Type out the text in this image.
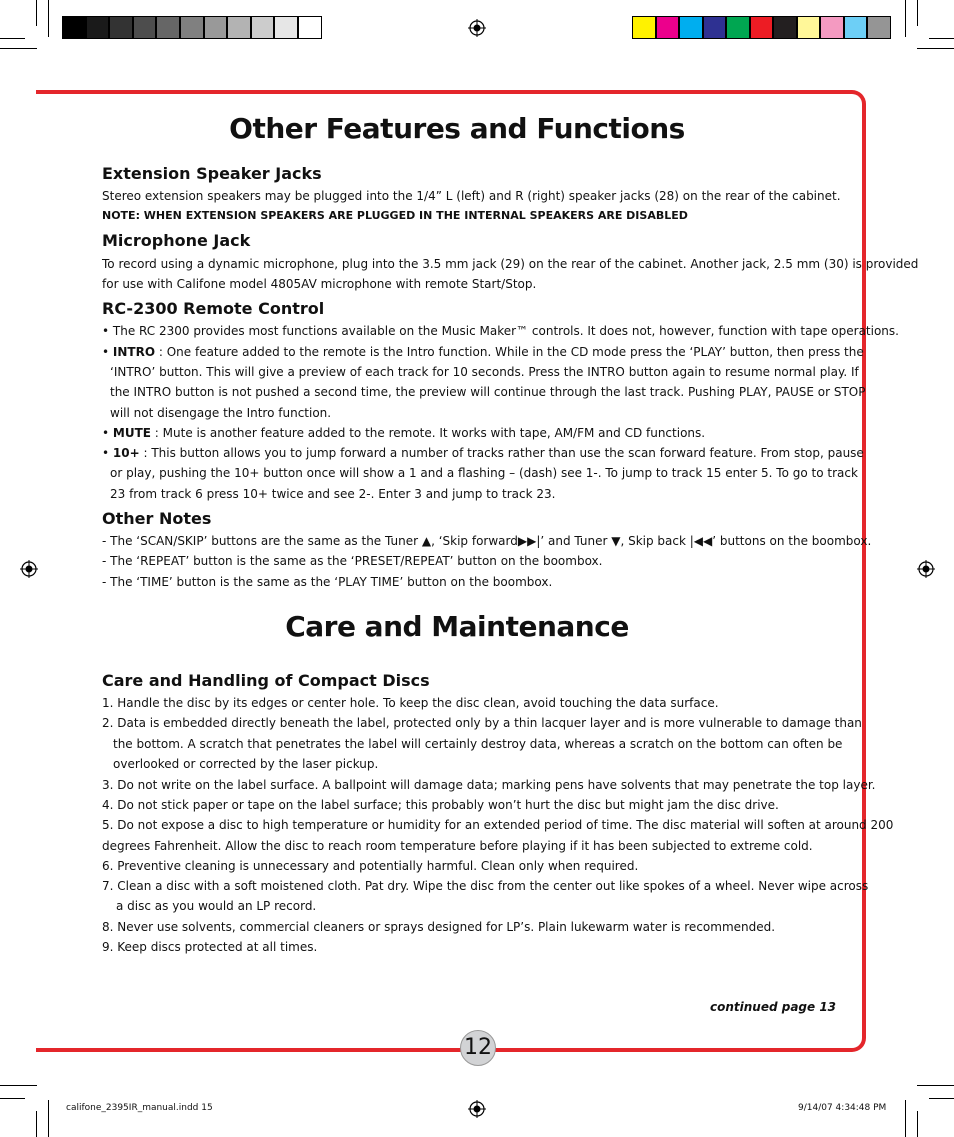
Other Features and Functions
Extension Speaker Jacks
Stereo extension speakers may be plugged into the 1/4” L (left) and R (right) speaker jacks (28) on the rear of the cabinet.
NOTE: WHEN EXTENSION SPEAKERS ARE PLUGGED IN THE INTERNAL SPEAKERS ARE DISABLED
Microphone Jack
To record using a dynamic microphone, plug into the 3.5 mm jack (29) on the rear of the cabinet. Another jack, 2.5 mm (30) is provided
for use with Califone model 4805AV microphone with remote Start/Stop.
RC-2300 Remote Control
• The RC 2300 provides most functions available on the Music Maker™ controls. It does not, however, function with tape operations.
• INTRO : One feature added to the remote is the Intro function. While in the CD mode press the ‘PLAY’ button, then press the
‘INTRO’ button. This will give a preview of each track for 10 seconds. Press the INTRO button again to resume normal play. If
the INTRO button is not pushed a second time, the preview will continue through the last track. Pushing PLAY, PAUSE or STOP
will not disengage the Intro function.
• MUTE : Mute is another feature added to the remote. It works with tape, AM/FM and CD functions.
• 10+ : This button allows you to jump forward a number of tracks rather than use the scan forward feature. From stop, pause
or play, pushing the 10+ button once will show a 1 and a flashing – (dash) see 1-. To jump to track 15 enter 5. To go to track
23 from track 6 press 10+ twice and see 2-. Enter 3 and jump to track 23.
Other Notes
- The ‘SCAN/SKIP’ buttons are the same as the Tuner ▲, ‘Skip forward▶▶|’ and Tuner ▼, Skip back |◀◀’ buttons on the boombox.
- The ‘REPEAT’ button is the same as the ‘PRESET/REPEAT’ button on the boombox.
- The ‘TIME’ button is the same as the ‘PLAY TIME’ button on the boombox.
Care and Maintenance
Care and Handling of Compact Discs
1. Handle the disc by its edges or center hole. To keep the disc clean, avoid touching the data surface.
2. Data is embedded directly beneath the label, protected only by a thin lacquer layer and is more vulnerable to damage than
the bottom. A scratch that penetrates the label will certainly destroy data, whereas a scratch on the bottom can often be
overlooked or corrected by the laser pickup.
3. Do not write on the label surface. A ballpoint will damage data; marking pens have solvents that may penetrate the top layer.
4. Do not stick paper or tape on the label surface; this probably won’t hurt the disc but might jam the disc drive.
5. Do not expose a disc to high temperature or humidity for an extended period of time. The disc material will soften at around 200
degrees Fahrenheit. Allow the disc to reach room temperature before playing if it has been subjected to extreme cold.
6. Preventive cleaning is unnecessary and potentially harmful. Clean only when required.
7. Clean a disc with a soft moistened cloth. Pat dry. Wipe the disc from the center out like spokes of a wheel. Never wipe across
a disc as you would an LP record.
8. Never use solvents, commercial cleaners or sprays designed for LP’s. Plain lukewarm water is recommended.
9. Keep discs protected at all times.
continued page 13
12
califone_2395IR_manual.indd 15	9/14/07 4:34:48 PM
